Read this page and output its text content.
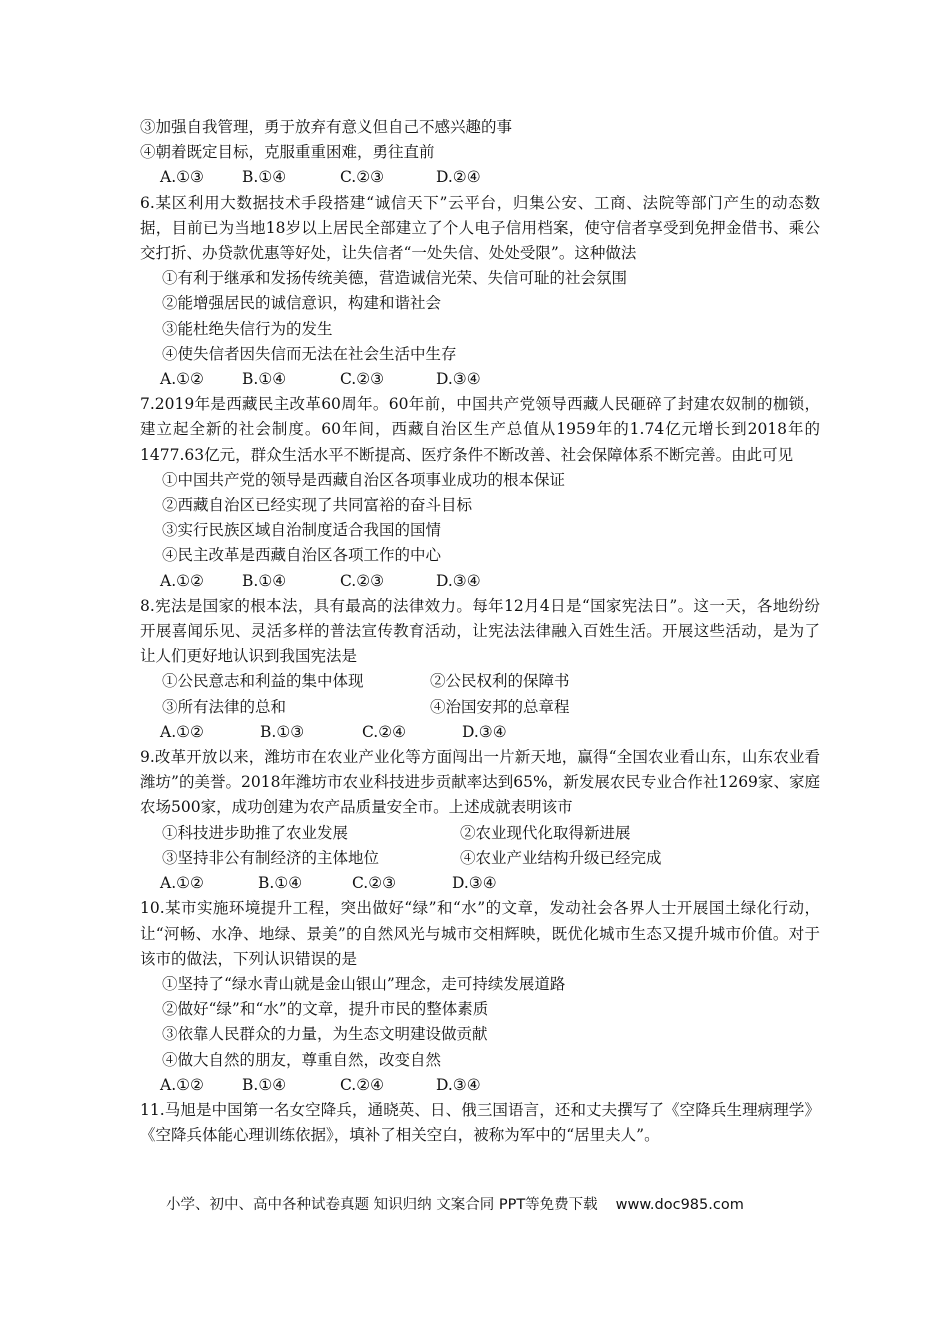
③加强自我管理，勇于放弃有意义但自己不感兴趣的事
④朝着既定目标，克服重重困难，勇往直前
A.①③ B.①④	C.②③	D.②④
6.某区利用大数据技术手段搭建“诚信天下”云平台，归集公安、工商、法院等部门产生的动态数据，目前已为当地18岁以上居民全部建立了个人电子信用档案，使守信者享受到免押金借书、乘公交打折、办贷款优惠等好处，让失信者“一处失信、处处受限”。这种做法
①有利于继承和发扬传统美德，营造诚信光荣、失信可耻的社会氛围
②能增强居民的诚信意识，构建和谐社会
③能杜绝失信行为的发生
④使失信者因失信而无法在社会生活中生存
A.①② B.①④	C.②③	D.③④
7.2019年是西藏民主改革60周年。60年前，中国共产党领导西藏人民砸碎了封建农奴制的枷锁，建立起全新的社会制度。60年间，西藏自治区生产总值从1959年的1.74亿元增长到2018年的1477.63亿元，群众生活水平不断提高、医疗条件不断改善、社会保障体系不断完善。由此可见
①中国共产党的领导是西藏自治区各项事业成功的根本保证
②西藏自治区已经实现了共同富裕的奋斗目标
③实行民族区域自治制度适合我国的国情
④民主改革是西藏自治区各项工作的中心
A.①② B.①④	C.②③	D.③④
8.宪法是国家的根本法，具有最高的法律效力。每年12月4日是“国家宪法日”。这一天，各地纷纷开展喜闻乐见、灵活多样的普法宣传教育活动，让宪法法律融入百姓生活。开展这些活动，是为了让人们更好地认识到我国宪法是
①公民意志和利益的集中体现	②公民权利的保障书
③所有法律的总和	④治国安邦的总章程
A.①②	B.①③	C.②④	D.③④
9.改革开放以来，潍坊市在农业产业化等方面闯出一片新天地，赢得“全国农业看山东，山东农业看潍坊”的美誉。2018年潍坊市农业科技进步贡献率达到65%，新发展农民专业合作社1269家、家庭农场500家，成功创建为农产品质量安全市。上述成就表明该市
①科技进步助推了农业发展	②农业现代化取得新进展
③坚持非公有制经济的主体地位	④农业产业结构升级已经完成
A.①②	B.①④	C.②③	D.③④
10.某市实施环境提升工程，突出做好“绿”和“水”的文章，发动社会各界人士开展国土绿化行动，让“河畅、水净、地绿、景美”的自然风光与城市交相辉映，既优化城市生态又提升城市价值。对于该市的做法，下列认识错误的是
①坚持了“绿水青山就是金山银山”理念，走可持续发展道路
②做好“绿”和“水”的文章，提升市民的整体素质
③依靠人民群众的力量，为生态文明建设做贡献
④做大自然的朋友，尊重自然，改变自然
A.①② B.①④	C.②④	D.③④
11.马旭是中国第一名女空降兵，通晓英、日、俄三国语言，还和丈夫撰写了《空降兵生理病理学》《空降兵体能心理训练依据》，填补了相关空白，被称为军中的“居里夫人”。
小学、初中、高中各种试卷真题 知识归纳 文案合同 PPT等免费下载 www.doc985.com
